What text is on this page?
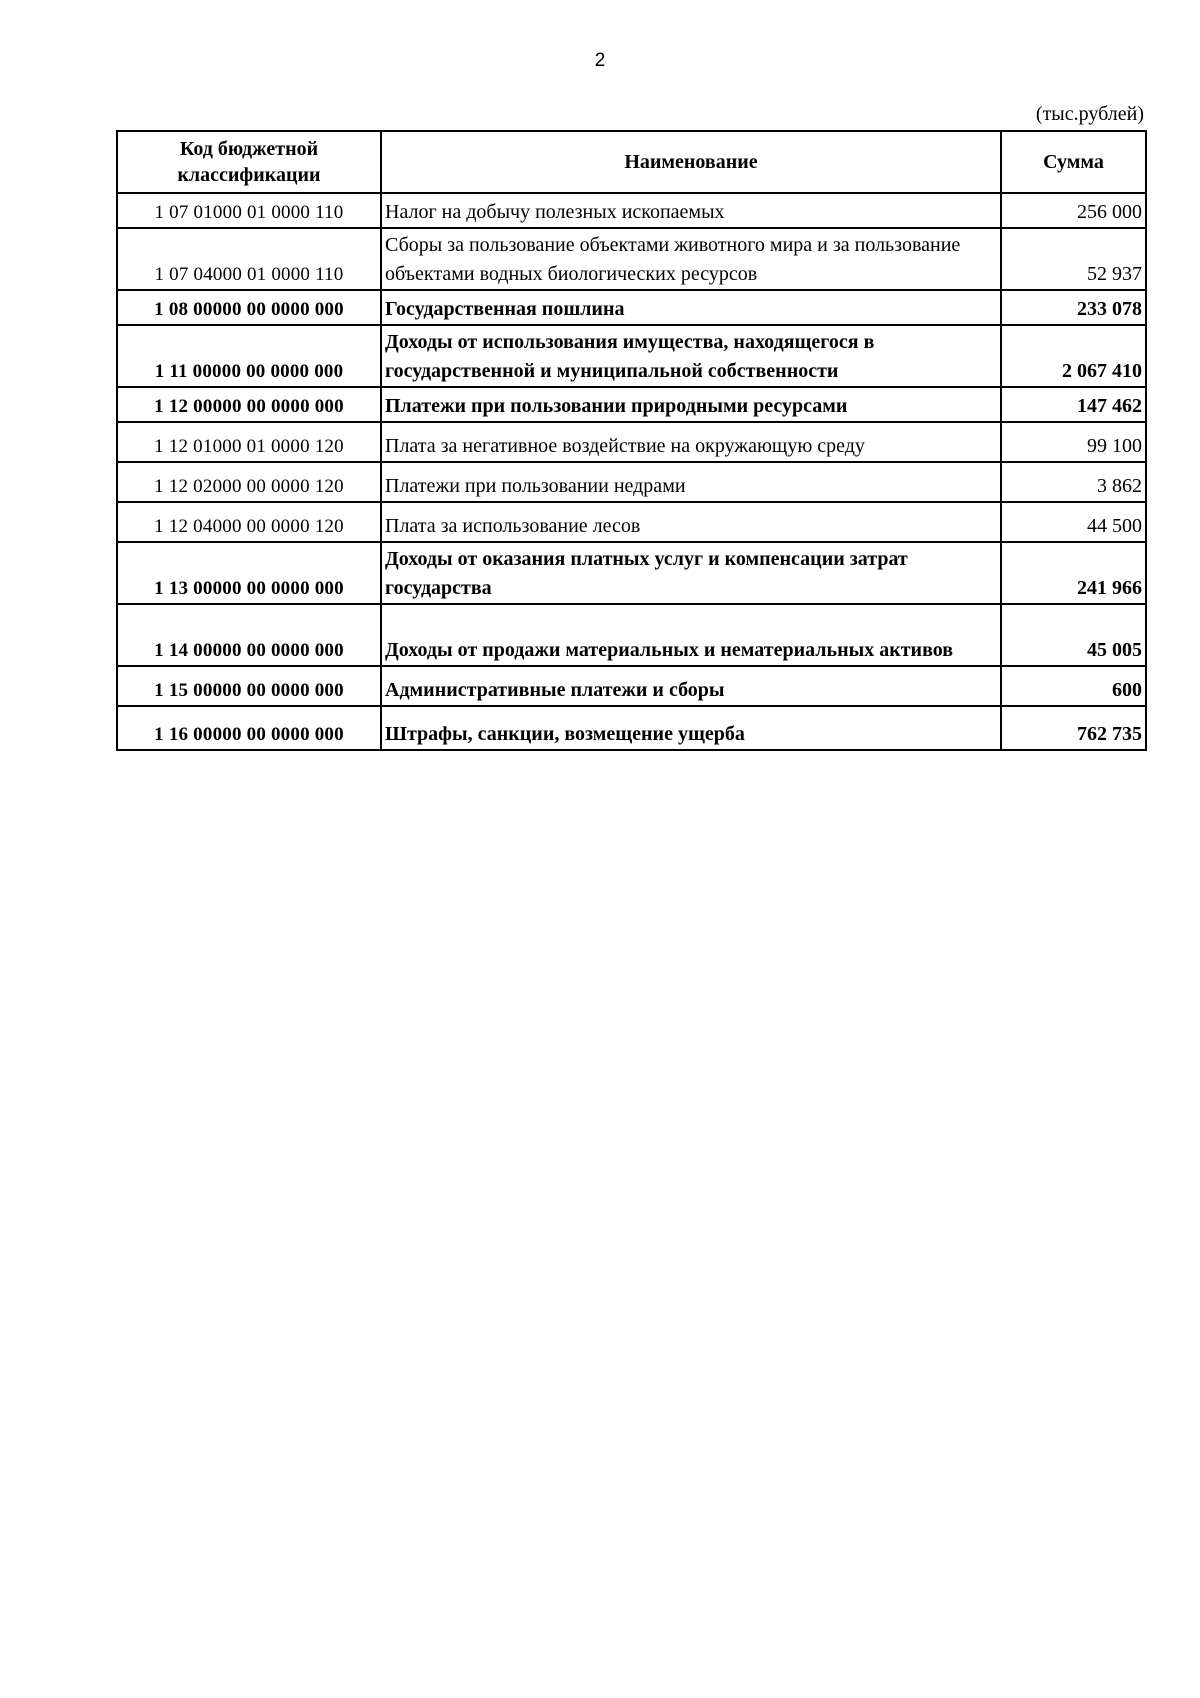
2
(тыс.рублей)
Код бюджетной классификации	Наименование	Сумма
1 07 01000 01 0000 110	Налог на добычу полезных ископаемых	256 000
1 07 04000 01 0000 110	Сборы за пользование объектами животного мира и за пользование объектами водных биологических ресурсов	52 937
1 08 00000 00 0000 000	Государственная пошлина	233 078
1 11 00000 00 0000 000	Доходы от использования имущества, находящегося в государственной и муниципальной собственности	2 067 410
1 12 00000 00 0000 000	Платежи при пользовании природными ресурсами	147 462
1 12 01000 01 0000 120	Плата за негативное воздействие на окружающую среду	99 100
1 12 02000 00 0000 120	Платежи при пользовании недрами	3 862
1 12 04000 00 0000 120	Плата за использование лесов	44 500
1 13 00000 00 0000 000	Доходы от оказания платных услуг и компенсации затрат государства	241 966
1 14 00000 00 0000 000	Доходы от продажи материальных и нематериальных активов	45 005
1 15 00000 00 0000 000	Административные платежи и сборы	600
1 16 00000 00 0000 000	Штрафы, санкции, возмещение ущерба	762 735
